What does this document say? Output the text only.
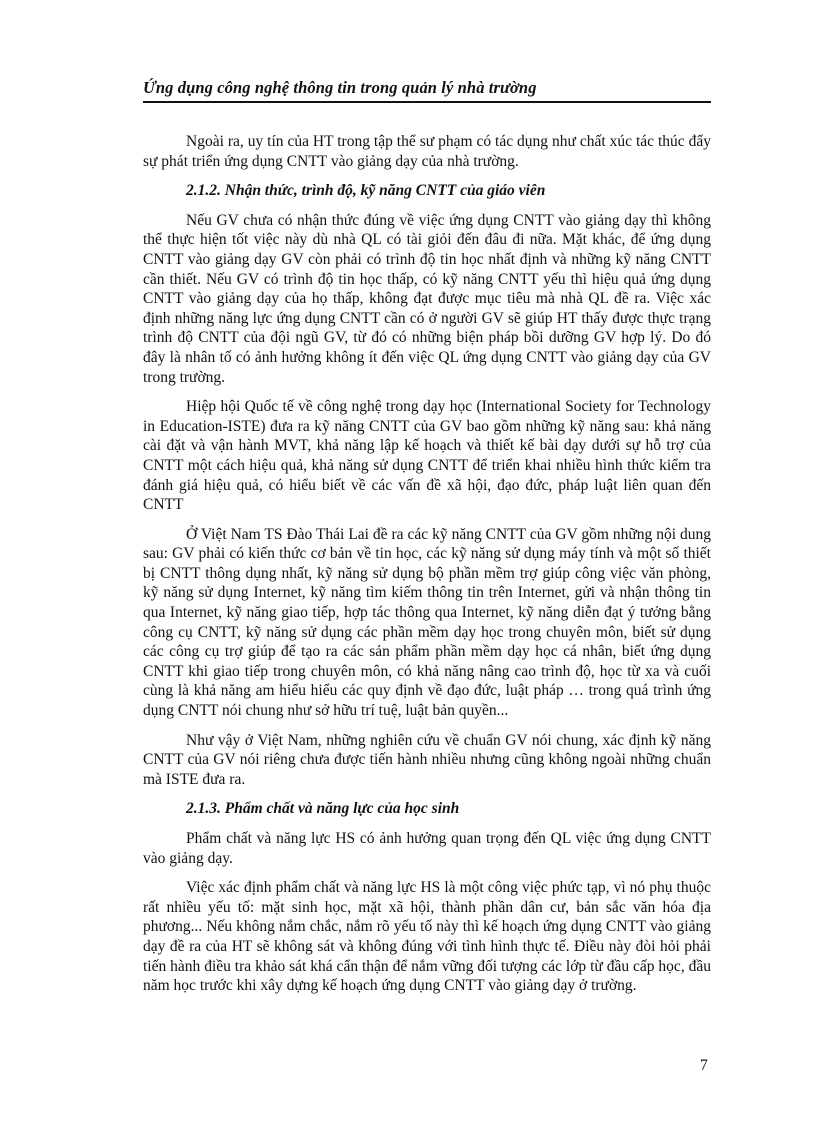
Ứng dụng công nghệ thông tin trong quản lý nhà trường

Ngoài ra, uy tín của HT trong tập thể sư phạm có tác dụng như chất xúc tác thúc đẩy sự phát triển ứng dụng CNTT vào giảng dạy của nhà trường.

2.1.2. Nhận thức, trình độ, kỹ năng CNTT của giáo viên

Nếu GV chưa có nhận thức đúng về việc ứng dụng CNTT vào giảng dạy thì không thể thực hiện tốt việc này dù nhà QL có tài giỏi đến đâu đi nữa. Mặt khác, để ứng dụng CNTT vào giảng dạy GV còn phải có trình độ tin học nhất định và những kỹ năng CNTT cần thiết. Nếu GV có trình độ tin học thấp, có kỹ năng CNTT yếu thì hiệu quả ứng dụng CNTT vào giảng dạy của họ thấp, không đạt được mục tiêu mà nhà QL đề ra. Việc xác định những năng lực ứng dụng CNTT cần có ở người GV sẽ giúp HT thấy được thực trạng trình độ CNTT của đội ngũ GV, từ đó có những biện pháp bồi dưỡng GV hợp lý. Do đó đây là nhân tố có ảnh hưởng không ít đến việc QL ứng dụng CNTT vào giảng dạy của GV trong trường.

Hiệp hội Quốc tế về công nghệ trong dạy học (International Society for Technology in Education-ISTE) đưa ra kỹ năng CNTT của GV bao gồm những kỹ năng sau: khả năng cài đặt và vận hành MVT, khả năng lập kế hoạch và thiết kế bài dạy dưới sự hỗ trợ của CNTT một cách hiệu quả, khả năng sử dụng CNTT để triển khai nhiều hình thức kiểm tra đánh giá hiệu quả, có hiểu biết về các vấn đề xã hội, đạo đức, pháp luật liên quan đến CNTT

Ở Việt Nam TS Đào Thái Lai đề ra các kỹ năng CNTT của GV gồm những nội dung sau: GV phải có kiến thức cơ bản về tin học, các kỹ năng sử dụng máy tính và một số thiết bị CNTT thông dụng nhất, kỹ năng sử dụng bộ phần mềm trợ giúp công việc văn phòng, kỹ năng sử dụng Internet, kỹ năng tìm kiếm thông tin trên Internet, gửi và nhận thông tin qua Internet, kỹ năng giao tiếp, hợp tác thông qua Internet, kỹ năng diễn đạt ý tưởng bằng công cụ CNTT, kỹ năng sử dụng các phần mềm dạy học trong chuyên môn, biết sử dụng các công cụ trợ giúp để tạo ra các sản phẩm phần mềm dạy học cá nhân, biết ứng dụng CNTT khi giao tiếp trong chuyên môn, có khả năng nâng cao trình độ, học từ xa và cuối cùng là khả năng am hiểu hiểu các quy định về đạo đức, luật pháp … trong quá trình ứng dụng CNTT nói chung như sở hữu trí tuệ, luật bản quyền...

Như vậy ở Việt Nam, những nghiên cứu về chuẩn GV nói chung, xác định kỹ năng CNTT của GV nói riêng chưa được tiến hành nhiều nhưng cũng không ngoài những chuẩn mà ISTE đưa ra.

2.1.3. Phẩm chất và năng lực của học sinh

Phẩm chất và năng lực HS có ảnh hưởng quan trọng đến QL việc ứng dụng CNTT vào giảng dạy.

Việc xác định phẩm chất và năng lực HS là một công việc phức tạp, vì nó phụ thuộc rất nhiều yếu tố: mặt sinh học, mặt xã hội, thành phần dân cư, bản sắc văn hóa địa phương... Nếu không nắm chắc, nắm rõ yếu tố này thì kế hoạch ứng dụng CNTT vào giảng dạy đề ra của HT sẽ không sát và không đúng với tình hình thực tế. Điều này đòi hỏi phải tiến hành điều tra khảo sát khá cẩn thận để nắm vững đối tượng các lớp từ đầu cấp học, đầu năm học trước khi xây dựng kế hoạch ứng dụng CNTT vào giảng dạy ở trường.

7
